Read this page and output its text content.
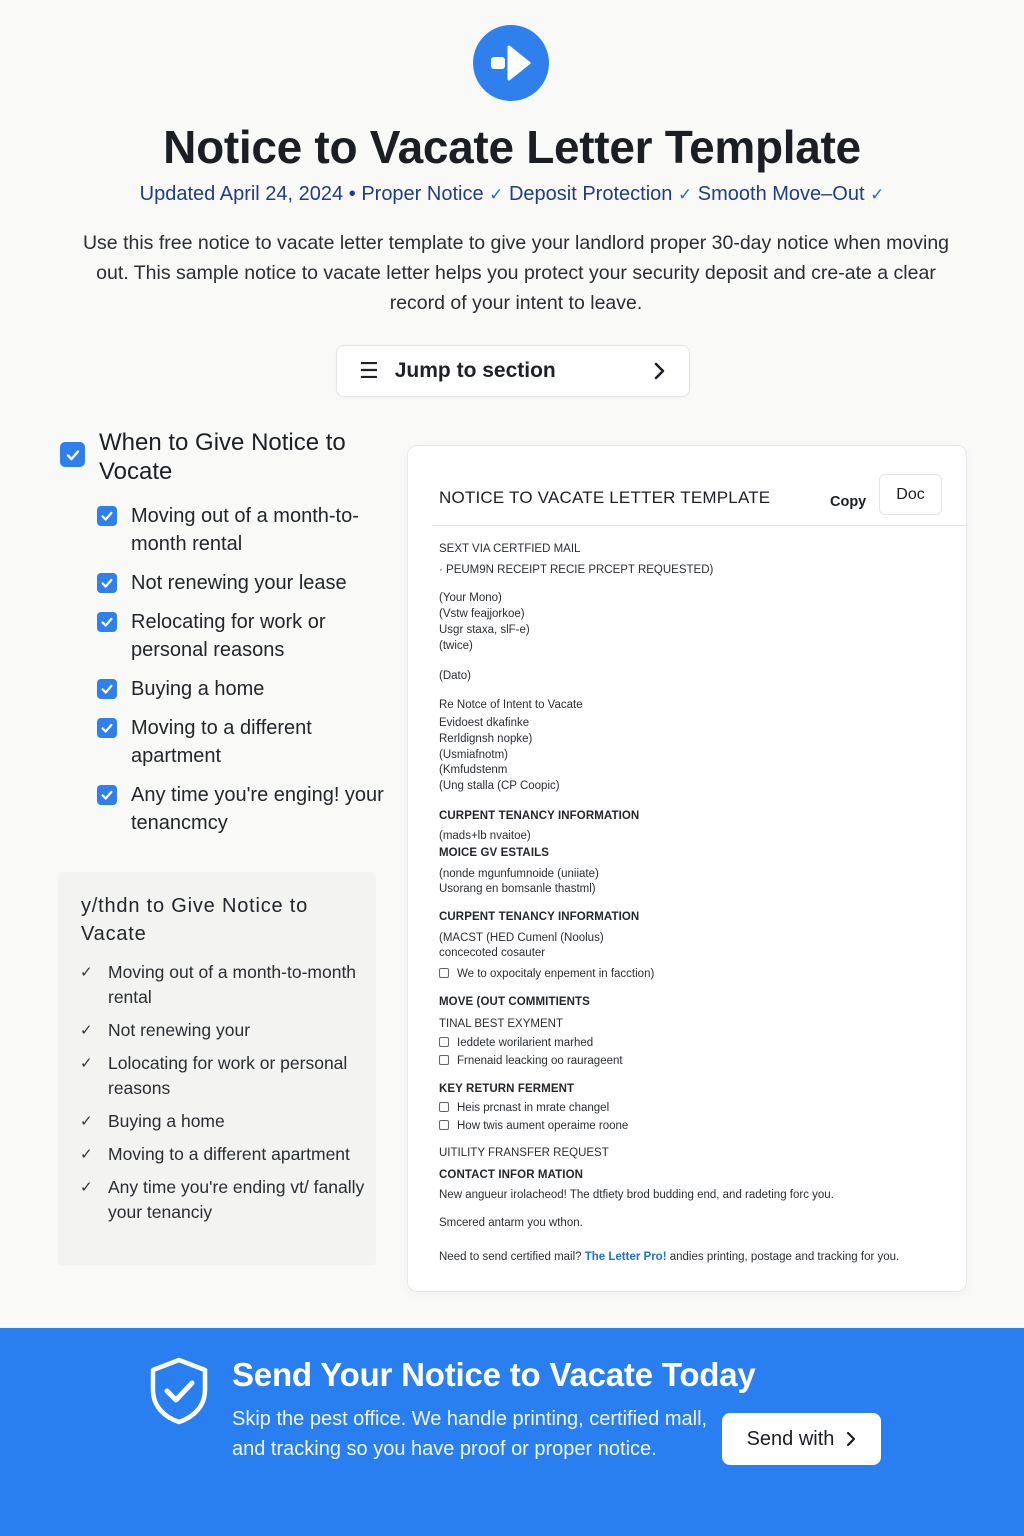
Notice to Vacate Letter Template
Updated April 24, 2024 • Proper Notice ✓ Deposit Protection ✓ Smooth Move–Out ✓

Use this free notice to vacate letter template to give your landlord proper 30-day notice when moving out. This sample notice to vacate letter helps you protect your security deposit and cre-ate a clear record of your intent to leave.

☰ Jump to section
When to Give Notice to Vocate
Moving out of a month-to-month rental
Not renewing your lease
Relocating for work or personal reasons
Buying a home
Moving to a different apartment
Any time you're enging! your tenancmcy
y/thdn to Give Notice to Vacate
✓ Moving out of a month-to-month rental
✓ Not renewing your
✓ Lolocating for work or personal reasons
✓ Buying a home
✓ Moving to a different apartment
✓ Any time you're ending vt/ fanally your tenanciy
NOTICE TO VACATE LETTER TEMPLATE	Copy	Doc
SEXT VIA CERTFIED MAIL
· PEUM9N RECEIPT RECIE PRCEPT REQUESTED)
(Your Mono)
(Vstw feajjorkoe)
Usgr staxa, slF-e)
(twice)
(Dato)
Re Notce of Intent to Vacate
Evidoest dkafinke
Rerldignsh nopke)
(Usmiafnotm)
(Kmfudstenm
(Ung stalla (CP Coopic)
CURPENT TENANCY INFORMATION
(mads+lb nvaitoe)
MOICE GV ESTAILS
(nonde mgunfumnoide (uniiate)
Usorang en bomsanle thastml)
CURPENT TENANCY INFORMATION
(MACST (HED Cumenl (Noolus)
concecoted cosauter
We to oxpocitaly enpement in facction)
MOVE (OUT COMMITIENTS
TINAL BEST EXYMENT
Ieddete worilarient marhed
Frnenaid leacking oo raurageent
KEY RETURN FERMENT
Heis prcnast in mrate changel
How twis aument operaime roone
UITILITY FRANSFER REQUEST
CONTACT INFOR MATION
New angueur irolacheod! The dtfiety brod budding end, and radeting forc you.
Smcered antarm you wthon.
Need to send certified mail? The Letter Pro! andies printing, postage and tracking for you.
Send Your Notice to Vacate Today

Skip the pest office. We handle printing, certified mall, and tracking so you have proof or proper notice.	Send with
